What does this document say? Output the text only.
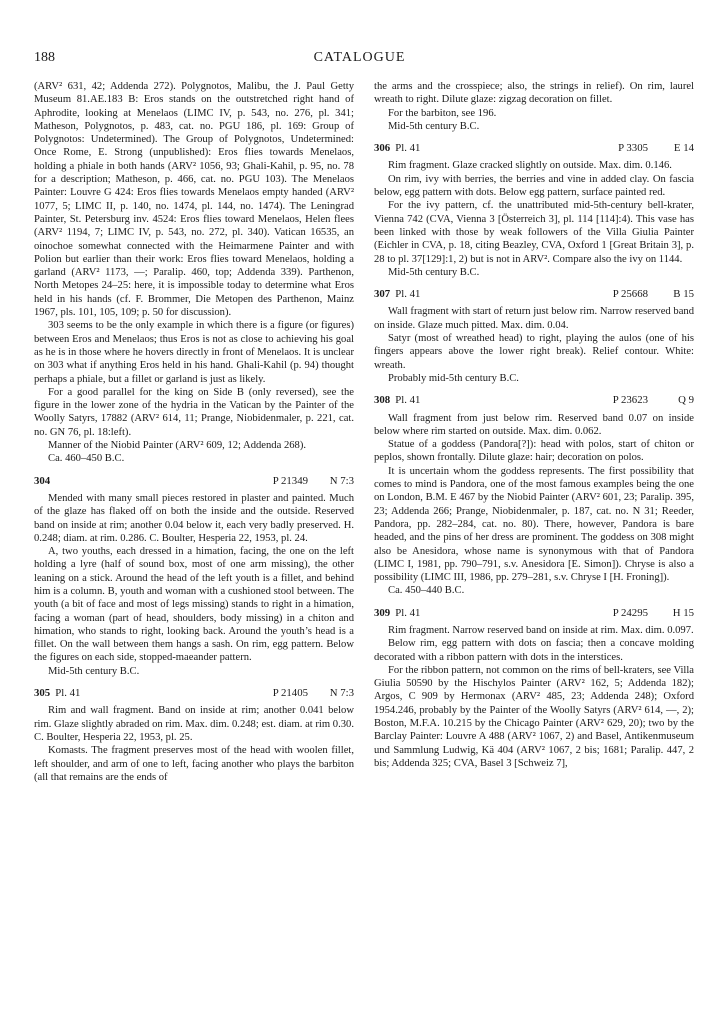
188	CATALOGUE

(ARV² 631, 42; Addenda 272). Polygnotos, Malibu, the J. Paul Getty Museum 81.AE.183 B: Eros stands on the outstretched right hand of Aphrodite, looking at Menelaos (LIMC IV, p. 543, no. 276, pl. 341; Matheson, Polygnotos, p. 483, cat. no. PGU 186, pl. 169: Group of Polygnotos: Undetermined). The Group of Polygnotos, Undetermined: Once Rome, E. Strong (unpublished): Eros flies towards Menelaos, holding a phiale in both hands (ARV² 1056, 93; Ghali-Kahil, p. 95, no. 78 for a description; Matheson, p. 466, cat. no. PGU 103). The Menelaos Painter: Louvre G 424: Eros flies towards Menelaos empty handed (ARV² 1077, 5; LIMC II, p. 140, no. 1474, pl. 144, no. 1474). The Leningrad Painter, St. Petersburg inv. 4524: Eros flies toward Menelaos, Helen flees (ARV² 1194, 7; LIMC IV, p. 543, no. 272, pl. 340). Vatican 16535, an oinochoe somewhat connected with the Heimarmene Painter and with Polion but earlier than their work: Eros flies toward Menelaos, holding a garland (ARV² 1173, —; Paralip. 460, top; Addenda 339). Parthenon, North Metopes 24–25: here, it is impossible today to determine what Eros held in his hands (cf. F. Brommer, Die Metopen des Parthenon, Mainz 1967, pls. 101, 105, 109; p. 50 for discussion).

303 seems to be the only example in which there is a figure (or figures) between Eros and Menelaos; thus Eros is not as close to achieving his goal as he is in those where he hovers directly in front of Menelaos. It is unclear on 303 what if anything Eros held in his hand. Ghali-Kahil (p. 94) thought perhaps a phiale, but a fillet or garland is just as likely.

For a good parallel for the king on Side B (only reversed), see the figure in the lower zone of the hydria in the Vatican by the Painter of the Woolly Satyrs, 17882 (ARV² 614, 11; Prange, Niobidenmaler, p. 221, cat. no. GN 76, pl. 18:left).

Manner of the Niobid Painter (ARV² 609, 12; Addenda 268).

Ca. 460–450 B.C.

304	P 21349	N 7:3

Mended with many small pieces restored in plaster and painted. Much of the glaze has flaked off on both the inside and the outside. Reserved band on inside at rim; another 0.04 below it, each very badly preserved. H. 0.248; diam. at rim. 0.286. C. Boulter, Hesperia 22, 1953, pl. 24.

A, two youths, each dressed in a himation, facing, the one on the left holding a lyre (half of sound box, most of one arm missing), the other leaning on a stick. Around the head of the left youth is a fillet, and behind him is a column. B, youth and woman with a cushioned stool between. The youth (a bit of face and most of legs missing) stands to right in a himation, facing a woman (part of head, shoulders, body missing) in a chiton and himation, who stands to right, looking back. Around the youth’s head is a fillet. On the wall between them hangs a sash. On rim, egg pattern. Below the figures on each side, stopped-maeander pattern.

Mid-5th century B.C.

305 Pl. 41	P 21405	N 7:3

Rim and wall fragment. Band on inside at rim; another 0.041 below rim. Glaze slightly abraded on rim. Max. dim. 0.248; est. diam. at rim 0.30. C. Boulter, Hesperia 22, 1953, pl. 25.

Komasts. The fragment preserves most of the head with woolen fillet, left shoulder, and arm of one to left, facing another who plays the barbiton (all that remains are the ends of

the arms and the crosspiece; also, the strings in relief). On rim, laurel wreath to right. Dilute glaze: zigzag decoration on fillet.

For the barbiton, see 196.

Mid-5th century B.C.

306 Pl. 41	P 3305	E 14

Rim fragment. Glaze cracked slightly on outside. Max. dim. 0.146.

On rim, ivy with berries, the berries and vine in added clay. On fascia below, egg pattern with dots. Below egg pattern, surface painted red.

For the ivy pattern, cf. the unattributed mid-5th-century bell-krater, Vienna 742 (CVA, Vienna 3 [Österreich 3], pl. 114 [114]:4). This vase has been linked with those by weak followers of the Villa Giulia Painter (Eichler in CVA, p. 18, citing Beazley, CVA, Oxford 1 [Great Britain 3], p. 28 to pl. 37[129]:1, 2) but is not in ARV². Compare also the ivy on 1144.

Mid-5th century B.C.

307 Pl. 41	P 25668	B 15

Wall fragment with start of return just below rim. Narrow reserved band on inside. Glaze much pitted. Max. dim. 0.04.

Satyr (most of wreathed head) to right, playing the aulos (one of his fingers appears above the lower right break). Relief contour. White: wreath.

Probably mid-5th century B.C.

308 Pl. 41	P 23623	Q 9

Wall fragment from just below rim. Reserved band 0.07 on inside below where rim started on outside. Max. dim. 0.062.

Statue of a goddess (Pandora[?]): head with polos, start of chiton or peplos, shown frontally. Dilute glaze: hair; decoration on polos.

It is uncertain whom the goddess represents. The first possibility that comes to mind is Pandora, one of the most famous examples being the one on London, B.M. E 467 by the Niobid Painter (ARV² 601, 23; Paralip. 395, 23; Addenda 266; Prange, Niobidenmaler, p. 187, cat. no. N 31; Reeder, Pandora, pp. 282–284, cat. no. 80). There, however, Pandora is bare headed, and the pins of her dress are prominent. The goddess on 308 might also be Anesidora, whose name is synonymous with that of Pandora (LIMC I, 1981, pp. 790–791, s.v. Anesidora [E. Simon]). Chryse is also a possibility (LIMC III, 1986, pp. 279–281, s.v. Chryse I [H. Froning]).

Ca. 450–440 B.C.

309 Pl. 41	P 24295	H 15

Rim fragment. Narrow reserved band on inside at rim. Max. dim. 0.097.

Below rim, egg pattern with dots on fascia; then a concave molding decorated with a ribbon pattern with dots in the interstices.

For the ribbon pattern, not common on the rims of bell-kraters, see Villa Giulia 50590 by the Hischylos Painter (ARV² 162, 5; Addenda 182); Argos, C 909 by Hermonax (ARV² 485, 23; Addenda 248); Oxford 1954.246, probably by the Painter of the Woolly Satyrs (ARV² 614, —, 2); Boston, M.F.A. 10.215 by the Chicago Painter (ARV² 629, 20); two by the Barclay Painter: Louvre A 488 (ARV² 1067, 2) and Basel, Antikenmuseum und Sammlung Ludwig, Kä 404 (ARV² 1067, 2 bis; 1681; Paralip. 447, 2 bis; Addenda 325; CVA, Basel 3 [Schweiz 7],
